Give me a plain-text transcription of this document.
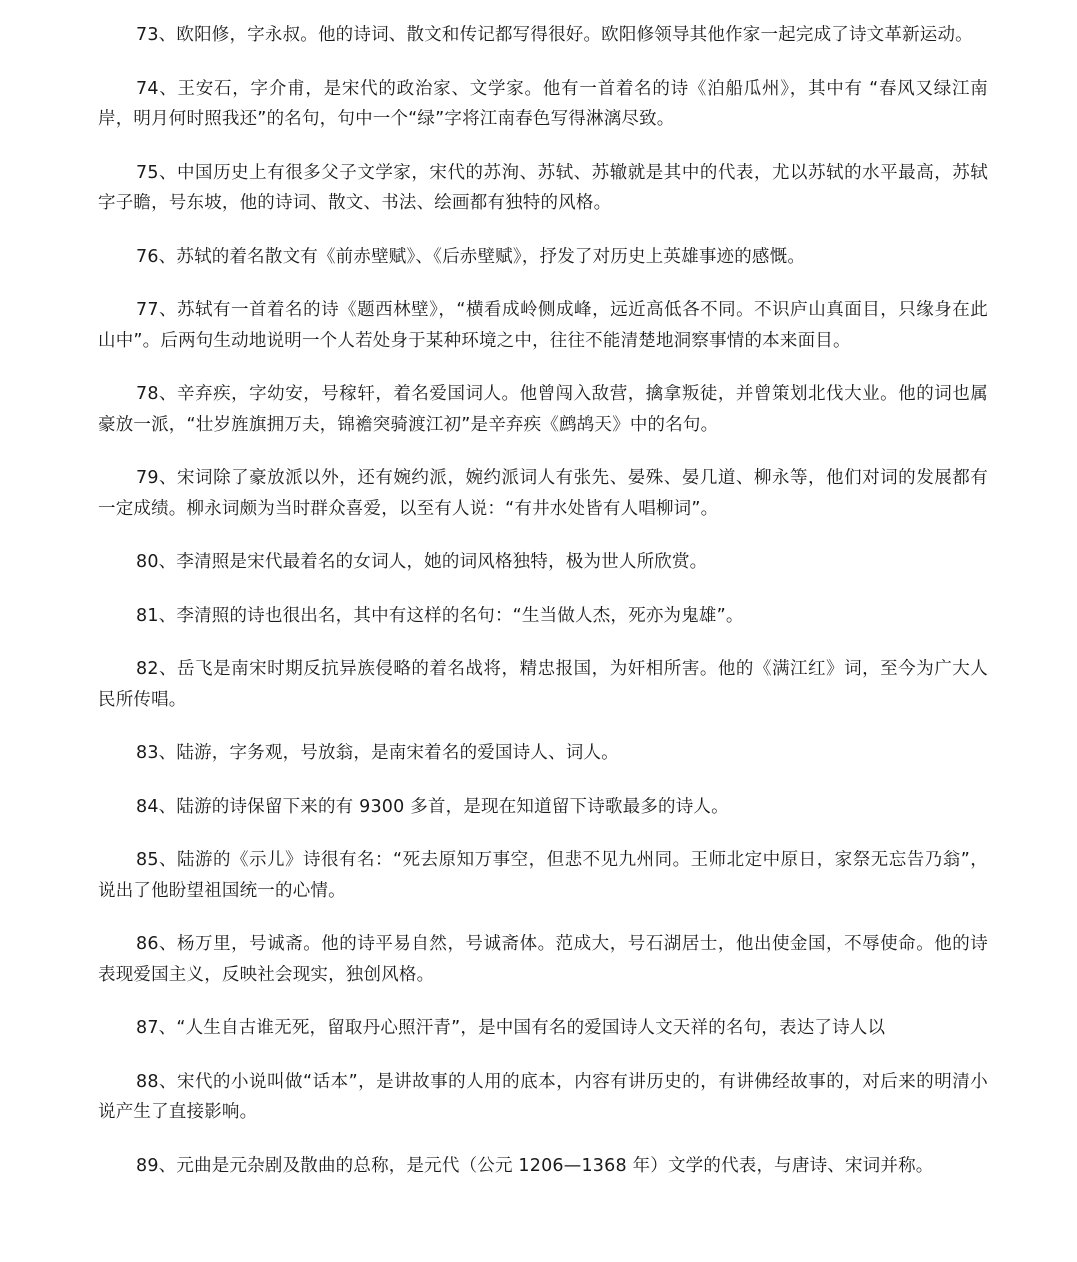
73、欧阳修，字永叔。他的诗词、散文和传记都写得很好。欧阳修领导其他作家一起完成了诗文革新运动。

74、王安石，字介甫，是宋代的政治家、文学家。他有一首着名的诗《泊船瓜州》，其中有 “春风又绿江南岸，明月何时照我还”的名句，句中一个“绿”字将江南春色写得淋漓尽致。

75、中国历史上有很多父子文学家，宋代的苏洵、苏轼、苏辙就是其中的代表，尤以苏轼的水平最高，苏轼字子瞻，号东坡，他的诗词、散文、书法、绘画都有独特的风格。

76、苏轼的着名散文有《前赤壁赋》、《后赤壁赋》，抒发了对历史上英雄事迹的感慨。

77、苏轼有一首着名的诗《题西林壁》，“横看成岭侧成峰，远近高低各不同。不识庐山真面目，只缘身在此山中”。后两句生动地说明一个人若处身于某种环境之中，往往不能清楚地洞察事情的本来面目。

78、辛弃疾，字幼安，号稼轩，着名爱国词人。他曾闯入敌营，擒拿叛徒，并曾策划北伐大业。他的词也属豪放一派，“壮岁旌旗拥万夫，锦襜突骑渡江初”是辛弃疾《鹧鸪天》中的名句。

79、宋词除了豪放派以外，还有婉约派，婉约派词人有张先、晏殊、晏几道、柳永等，他们对词的发展都有一定成绩。柳永词颇为当时群众喜爱，以至有人说：“有井水处皆有人唱柳词”。

80、李清照是宋代最着名的女词人，她的词风格独特，极为世人所欣赏。

81、李清照的诗也很出名，其中有这样的名句：“生当做人杰，死亦为鬼雄”。

82、岳飞是南宋时期反抗异族侵略的着名战将，精忠报国，为奸相所害。他的《满江红》词，至今为广大人民所传唱。

83、陆游，字务观，号放翁，是南宋着名的爱国诗人、词人。

84、陆游的诗保留下来的有 9300 多首，是现在知道留下诗歌最多的诗人。

85、陆游的《示儿》诗很有名：“死去原知万事空，但悲不见九州同。王师北定中原日，家祭无忘告乃翁”，说出了他盼望祖国统一的心情。

86、杨万里，号诚斋。他的诗平易自然，号诚斋体。范成大，号石湖居士，他出使金国，不辱使命。他的诗表现爱国主义，反映社会现实，独创风格。

87、“人生自古谁无死，留取丹心照汗青”，是中国有名的爱国诗人文天祥的名句，表达了诗人以

88、宋代的小说叫做“话本”，是讲故事的人用的底本，内容有讲历史的，有讲佛经故事的，对后来的明清小说产生了直接影响。

89、元曲是元杂剧及散曲的总称，是元代（公元 1206—1368 年）文学的代表，与唐诗、宋词并称。
